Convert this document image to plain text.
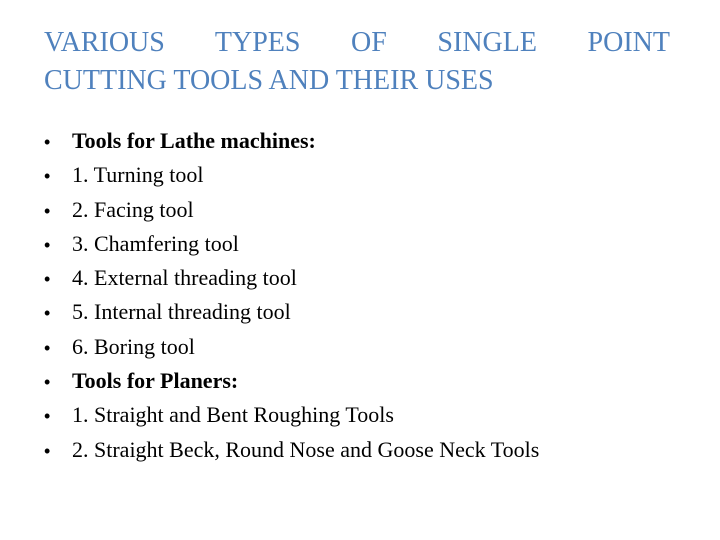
VARIOUS TYPES OF SINGLE POINT
CUTTING TOOLS AND THEIR USES
• Tools for Lathe machines:
• 1. Turning tool
• 2. Facing tool
• 3. Chamfering tool
• 4. External threading tool
• 5. Internal threading tool
• 6. Boring tool
• Tools for Planers:
• 1. Straight and Bent Roughing Tools
• 2. Straight Beck, Round Nose and Goose Neck Tools
